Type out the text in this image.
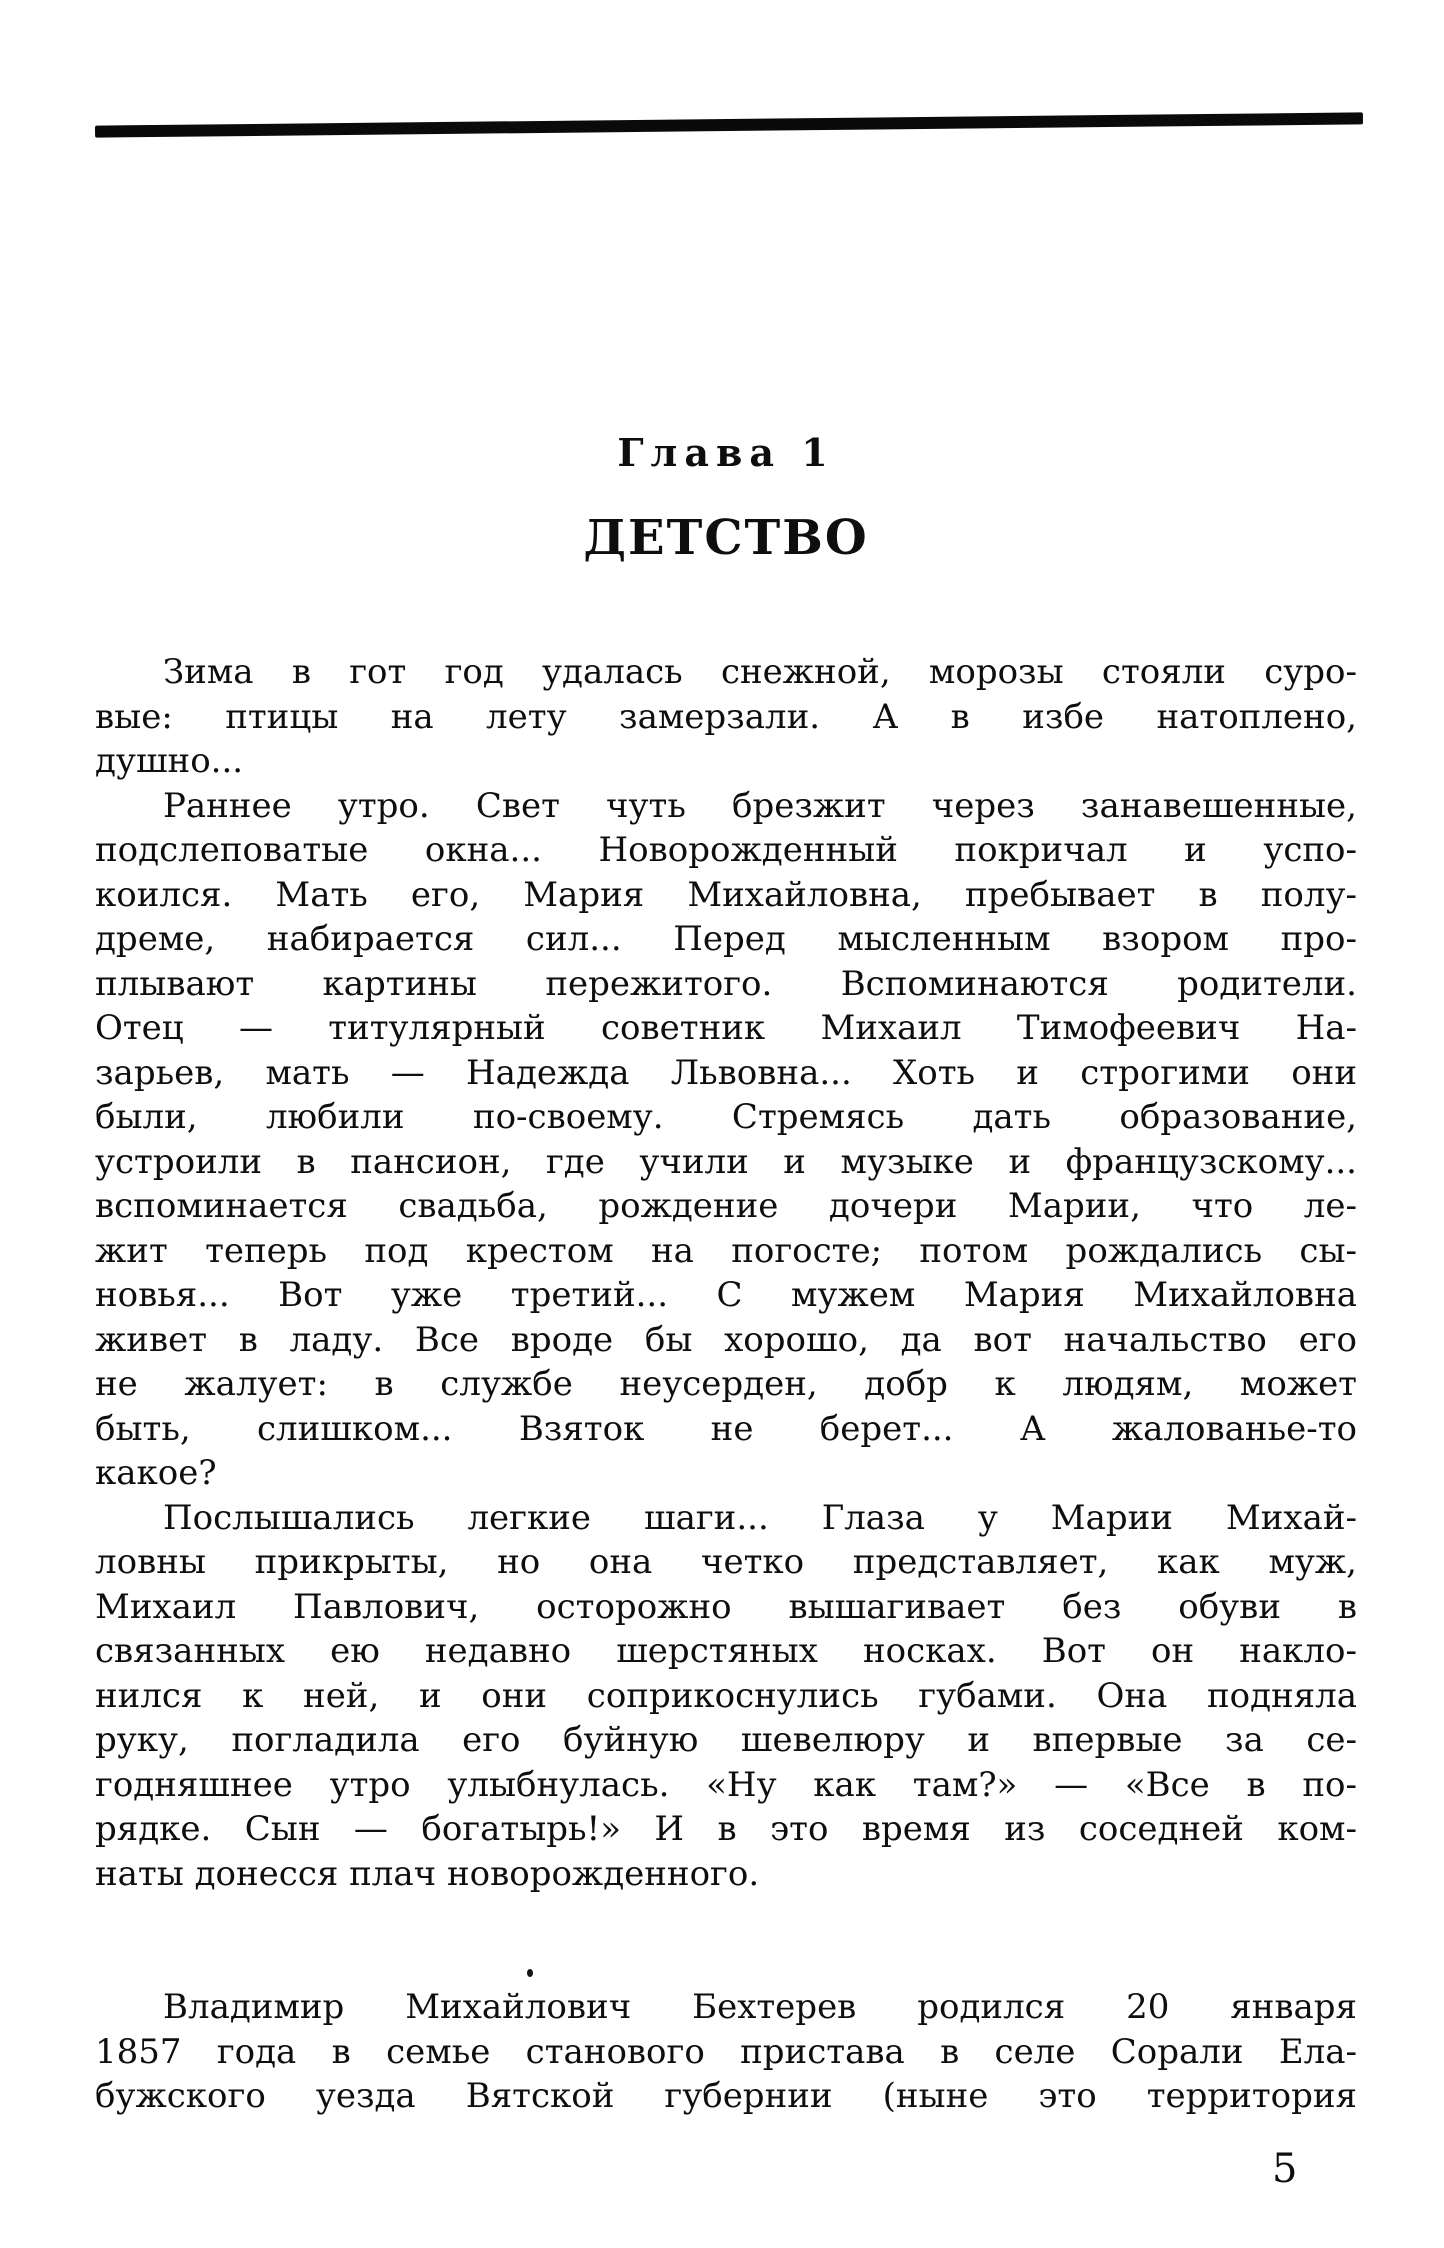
Глава 1
ДЕТСТВО
Зима в гот год удалась снежной, морозы стояли суро-
вые: птицы на лету замерзали. А в избе натоплено,
душно...
Раннее утро. Свет чуть брезжит через занавешенные,
подслеповатые окна... Новорожденный покричал и успо-
коился. Мать его, Мария Михайловна, пребывает в полу-
дреме, набирается сил... Перед мысленным взором про-
плывают картины пережитого. Вспоминаются родители.
Отец — титулярный советник Михаил Тимофеевич На-
зарьев, мать — Надежда Львовна... Хоть и строгими они
были, любили по-своему. Стремясь дать образование,
устроили в пансион, где учили и музыке и французскому...
вспоминается свадьба, рождение дочери Марии, что ле-
жит теперь под крестом на погосте; потом рождались сы-
новья... Вот уже третий... С мужем Мария Михайловна
живет в ладу. Все вроде бы хорошо, да вот начальство его
не жалует: в службе неусерден, добр к людям, может
быть, слишком... Взяток не берет... А жалованье-то
какое?
Послышались легкие шаги... Глаза у Марии Михай-
ловны прикрыты, но она четко представляет, как муж,
Михаил Павлович, осторожно вышагивает без обуви в
связанных ею недавно шерстяных носках. Вот он накло-
нился к ней, и они соприкоснулись губами. Она подняла
руку, погладила его буйную шевелюру и впервые за се-
годняшнее утро улыбнулась. «Ну как там?» — «Все в по-
рядке. Сын — богатырь!» И в это время из соседней ком-
наты донесся плач новорожденного.
Владимир Михайлович Бехтерев родился 20 января
1857 года в семье станового пристава в селе Сорали Ела-
бужского уезда Вятской губернии (ныне это территория
5
